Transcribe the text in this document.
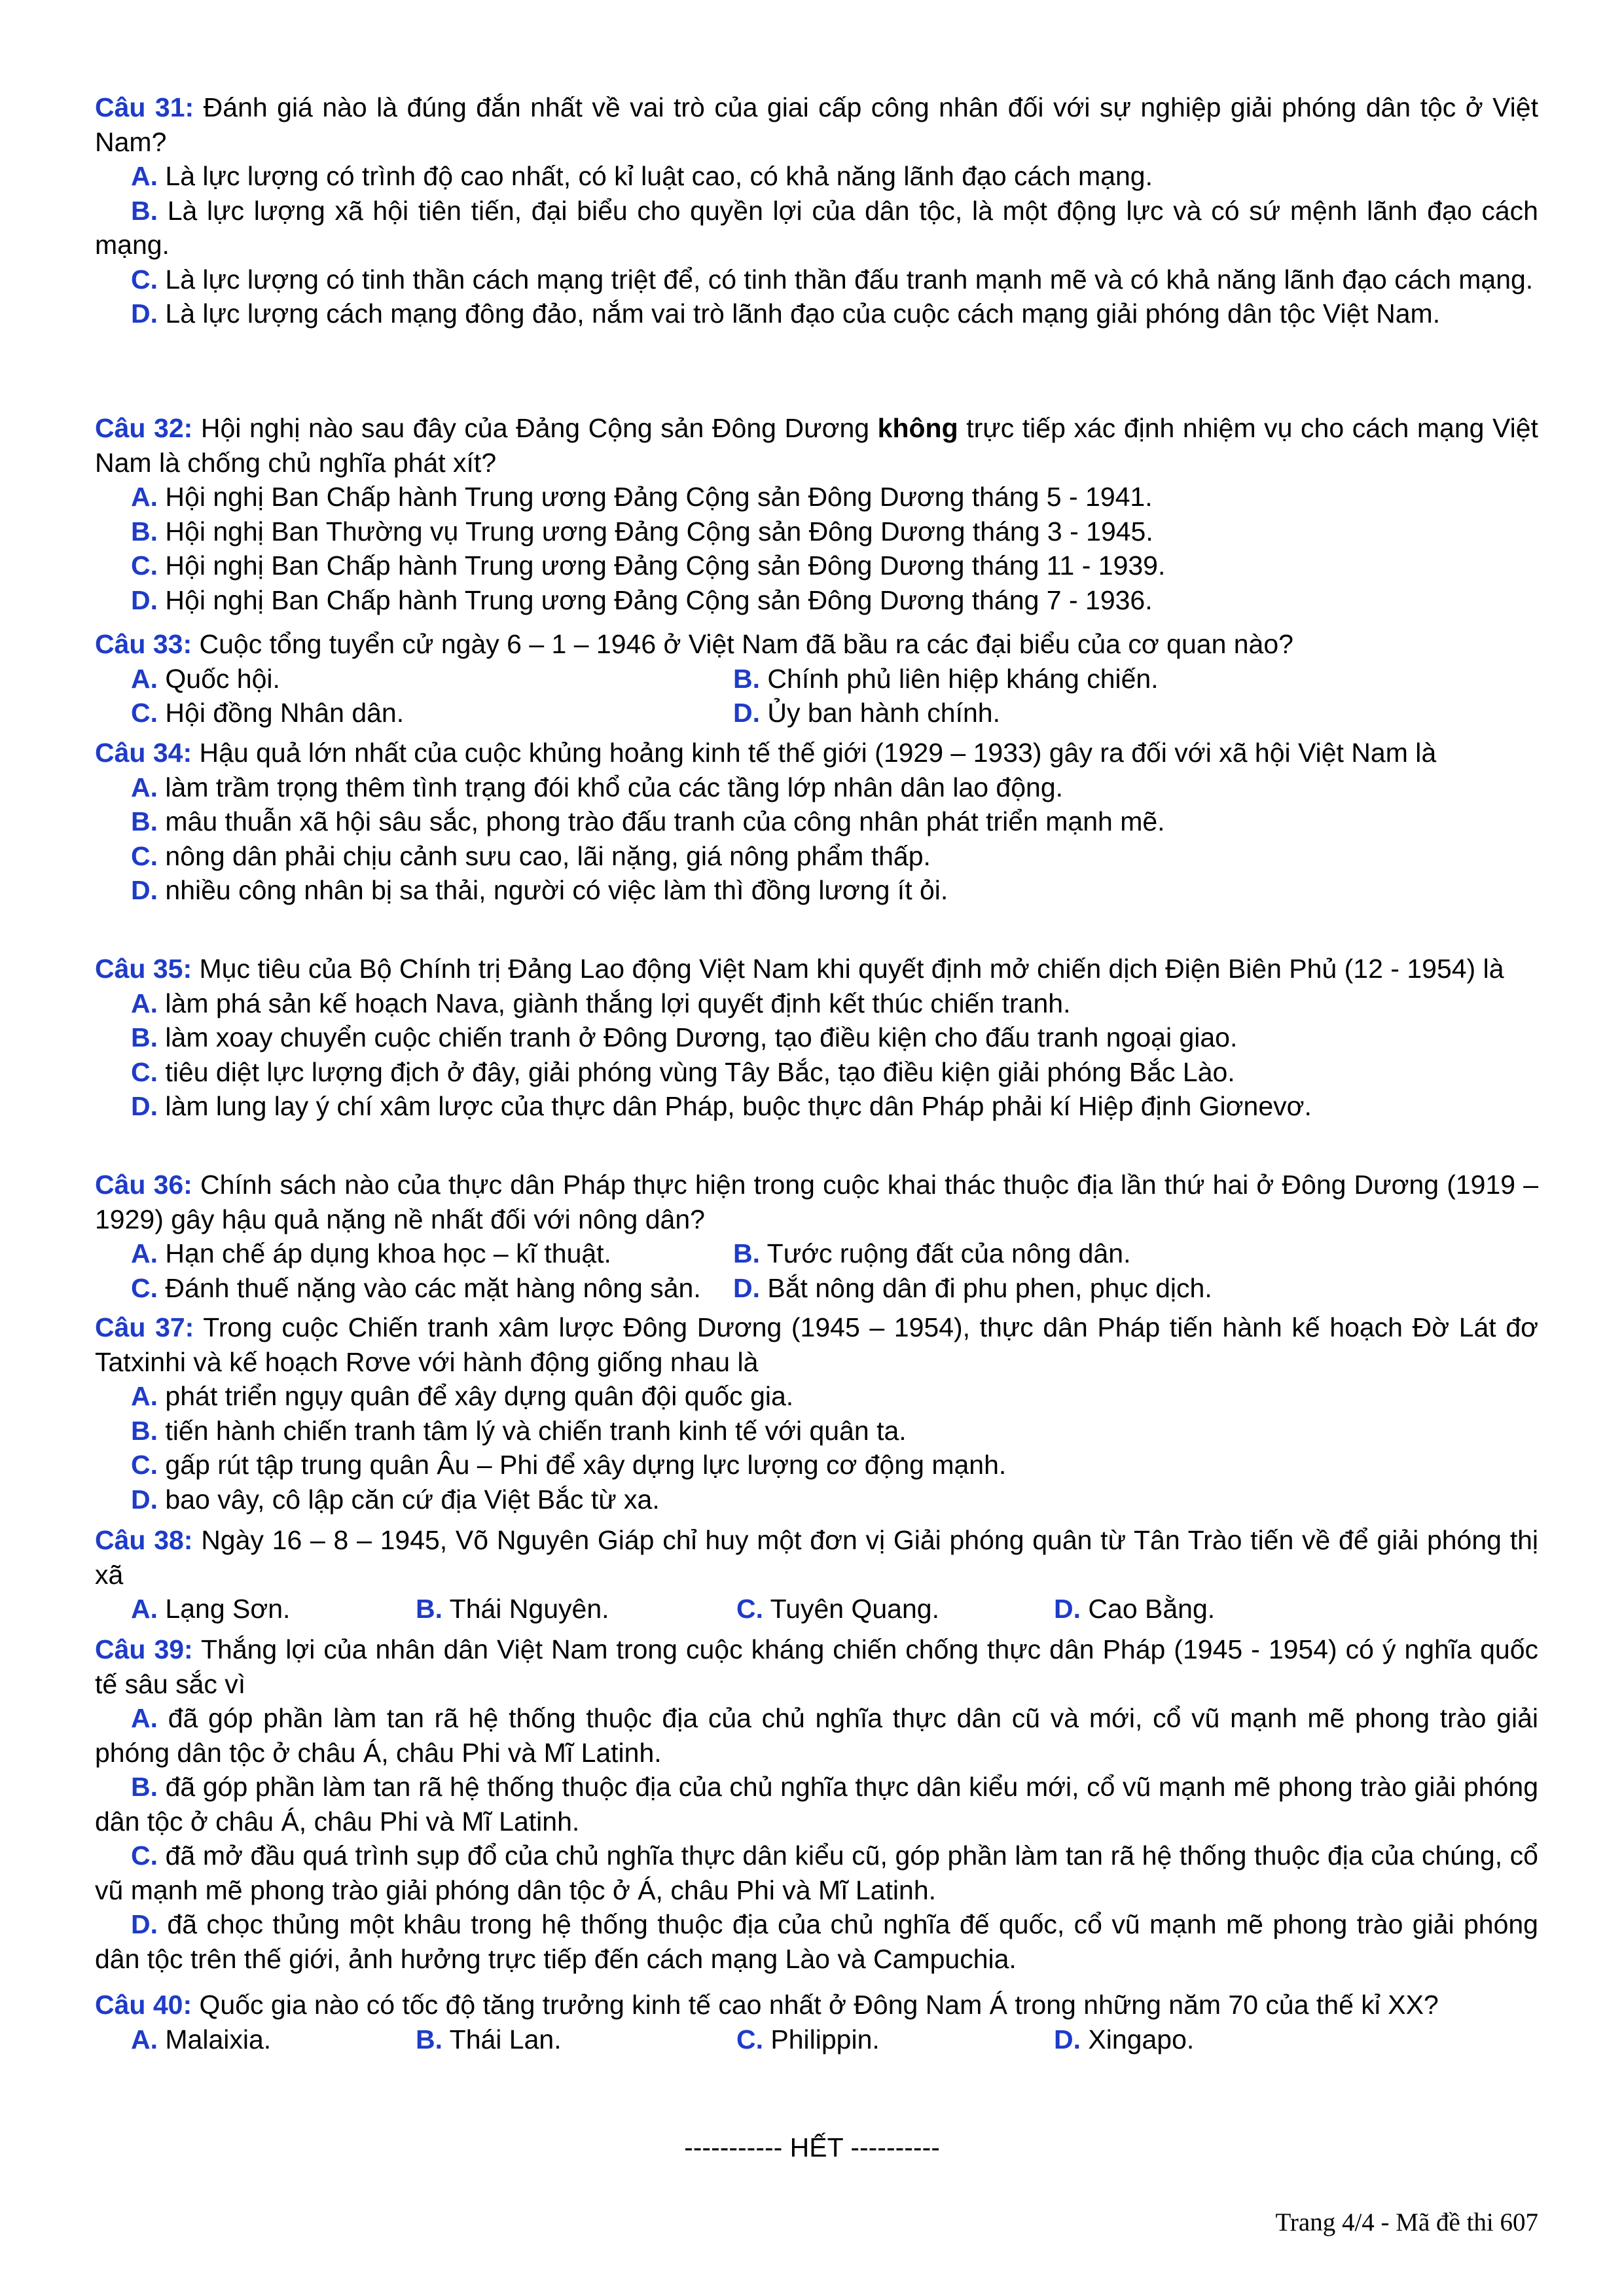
Câu 31: Đánh giá nào là đúng đắn nhất về vai trò của giai cấp công nhân đối với sự nghiệp giải phóng dân tộc ở Việt Nam?

A. Là lực lượng có trình độ cao nhất, có kỉ luật cao, có khả năng lãnh đạo cách mạng.

B. Là lực lượng xã hội tiên tiến, đại biểu cho quyền lợi của dân tộc, là một động lực và có sứ mệnh lãnh đạo cách mạng.

C. Là lực lượng có tinh thần cách mạng triệt để, có tinh thần đấu tranh mạnh mẽ và có khả năng lãnh đạo cách mạng.

D. Là lực lượng cách mạng đông đảo, nắm vai trò lãnh đạo của cuộc cách mạng giải phóng dân tộc Việt Nam.

Câu 32: Hội nghị nào sau đây của Đảng Cộng sản Đông Dương không trực tiếp xác định nhiệm vụ cho cách mạng Việt Nam là chống chủ nghĩa phát xít?

A. Hội nghị Ban Chấp hành Trung ương Đảng Cộng sản Đông Dương tháng 5 - 1941.

B. Hội nghị Ban Thường vụ Trung ương Đảng Cộng sản Đông Dương tháng 3 - 1945.

C. Hội nghị Ban Chấp hành Trung ương Đảng Cộng sản Đông Dương tháng 11 - 1939.

D. Hội nghị Ban Chấp hành Trung ương Đảng Cộng sản Đông Dương tháng 7 - 1936.

Câu 33: Cuộc tổng tuyển cử ngày 6 – 1 – 1946 ở Việt Nam đã bầu ra các đại biểu của cơ quan nào?

A. Quốc hội.	B. Chính phủ liên hiệp kháng chiến.

C. Hội đồng Nhân dân.	D. Ủy ban hành chính.

Câu 34: Hậu quả lớn nhất của cuộc khủng hoảng kinh tế thế giới (1929 – 1933) gây ra đối với xã hội Việt Nam là

A. làm trầm trọng thêm tình trạng đói khổ của các tầng lớp nhân dân lao động.

B. mâu thuẫn xã hội sâu sắc, phong trào đấu tranh của công nhân phát triển mạnh mẽ.

C. nông dân phải chịu cảnh sưu cao, lãi nặng, giá nông phẩm thấp.

D. nhiều công nhân bị sa thải, người có việc làm thì đồng lương ít ỏi.

Câu 35: Mục tiêu của Bộ Chính trị Đảng Lao động Việt Nam khi quyết định mở chiến dịch Điện Biên Phủ (12 - 1954) là

A. làm phá sản kế hoạch Nava, giành thắng lợi quyết định kết thúc chiến tranh.

B. làm xoay chuyển cuộc chiến tranh ở Đông Dương, tạo điều kiện cho đấu tranh ngoại giao.

C. tiêu diệt lực lượng địch ở đây, giải phóng vùng Tây Bắc, tạo điều kiện giải phóng Bắc Lào.

D. làm lung lay ý chí xâm lược của thực dân Pháp, buộc thực dân Pháp phải kí Hiệp định Giơnevơ.

Câu 36: Chính sách nào của thực dân Pháp thực hiện trong cuộc khai thác thuộc địa lần thứ hai ở Đông Dương (1919 – 1929) gây hậu quả nặng nề nhất đối với nông dân?

A. Hạn chế áp dụng khoa học – kĩ thuật.	B. Tước ruộng đất của nông dân.

C. Đánh thuế nặng vào các mặt hàng nông sản.	D. Bắt nông dân đi phu phen, phục dịch.

Câu 37: Trong cuộc Chiến tranh xâm lược Đông Dương (1945 – 1954), thực dân Pháp tiến hành kế hoạch Đờ Lát đơ Tatxinhi và kế hoạch Rơve với hành động giống nhau là

A. phát triển ngụy quân để xây dựng quân đội quốc gia.

B. tiến hành chiến tranh tâm lý và chiến tranh kinh tế với quân ta.

C. gấp rút tập trung quân Âu – Phi để xây dựng lực lượng cơ động mạnh.

D. bao vây, cô lập căn cứ địa Việt Bắc từ xa.

Câu 38: Ngày 16 – 8 – 1945, Võ Nguyên Giáp chỉ huy một đơn vị Giải phóng quân từ Tân Trào tiến về để giải phóng thị xã

A. Lạng Sơn.	B. Thái Nguyên.	C. Tuyên Quang.	D. Cao Bằng.

Câu 39: Thắng lợi của nhân dân Việt Nam trong cuộc kháng chiến chống thực dân Pháp (1945 - 1954) có ý nghĩa quốc tế sâu sắc vì

A. đã góp phần làm tan rã hệ thống thuộc địa của chủ nghĩa thực dân cũ và mới, cổ vũ mạnh mẽ phong trào giải phóng dân tộc ở châu Á, châu Phi và Mĩ Latinh.

B. đã góp phần làm tan rã hệ thống thuộc địa của chủ nghĩa thực dân kiểu mới, cổ vũ mạnh mẽ phong trào giải phóng dân tộc ở châu Á, châu Phi và Mĩ Latinh.

C. đã mở đầu quá trình sụp đổ của chủ nghĩa thực dân kiểu cũ, góp phần làm tan rã hệ thống thuộc địa của chúng, cổ vũ mạnh mẽ phong trào giải phóng dân tộc ở Á, châu Phi và Mĩ Latinh.

D. đã chọc thủng một khâu trong hệ thống thuộc địa của chủ nghĩa đế quốc, cổ vũ mạnh mẽ phong trào giải phóng dân tộc trên thế giới, ảnh hưởng trực tiếp đến cách mạng Lào và Campuchia.

Câu 40: Quốc gia nào có tốc độ tăng trưởng kinh tế cao nhất ở Đông Nam Á trong những năm 70 của thế kỉ XX?

A. Malaixia.	B. Thái Lan.	C. Philippin.	D. Xingapo.

----------- HẾT ----------
Trang 4/4 - Mã đề thi 607
